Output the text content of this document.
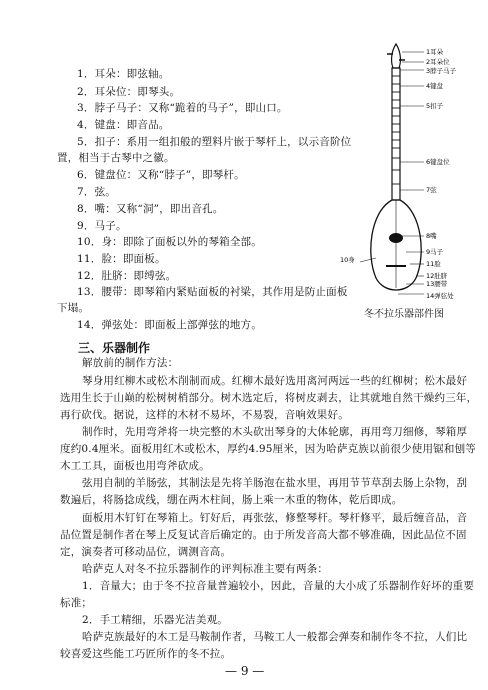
1．耳朵：即弦轴。
2．耳朵位：即琴头。
3．脖子马子：又称“跪着的马子”，即山口。
4．键盘：即音品。
5．扣子：系用一组扣般的塑料片嵌于琴杆上，以示音阶位
置，相当于古琴中之徽。
6．键盘位：又称“脖子”，即琴杆。
7．弦。
8．嘴：又称“洞”，即出音孔。
9．马子。
10．身：即除了面板以外的琴箱全部。
11．脸：即面板。
12．肚脐：即缚弦。
13．腰带：即琴箱内紧贴面板的衬梁，其作用是防止面板
下塌。
14．弹弦处：即面板上部弹弦的地方。
1耳朵
2耳朵位
3脖子马子
4键盘
5扣子
6键盘位
7弦
8嘴
9马子
11脸
12肚脐
13腰带
14弹弦处
10身
冬不拉乐器部件图
三、乐器制作
解放前的制作方法：
琴身用红柳木或松木削制而成。红柳木最好选用离河两远一些的红柳树；松木最好
选用生长于山巅的松树树梢部分。树木选定后，将树皮剥去，让其就地自然干燥约三年，
再行砍伐。据说，这样的木材不易坏，不易裂，音响效果好。
制作时，先用弯斧将一块完整的木头砍出琴身的大体轮廓，再用弯刀细修，琴箱厚
度约0.4厘米。面板用红木或松木，厚约4.95厘米，因为哈萨克族以前很少使用锯和刨等
木工工具，面板也用弯斧砍成。
弦用自制的羊肠弦，其制法是先将羊肠泡在盐水里，再用节节草刮去肠上杂物，刮
数遍后，将肠捻成线，绷在两木柱间，肠上乘一木重的物体，乾后即成。
面板用木钉钉在琴箱上。钉好后，再张弦，修整琴杆。琴杆修平，最后缠音品，音
品位置是制作者在琴上反复试音后确定的。由于所发音高大都不够准确，因此品位不固
定，演奏者可移动品位，调测音高。
哈萨克人对冬不拉乐器制作的评判标准主要有两条：
1．音量大；由于冬不拉音量普遍较小，因此，音量的大小成了乐器制作好坏的重要
标准；
2．手工精细，乐器光洁美观。
哈萨克族最好的木工是马鞍制作者，马鞍工人一般都会弹奏和制作冬不拉，人们比
较喜爱这些能工巧匠所作的冬不拉。
— 9 —
